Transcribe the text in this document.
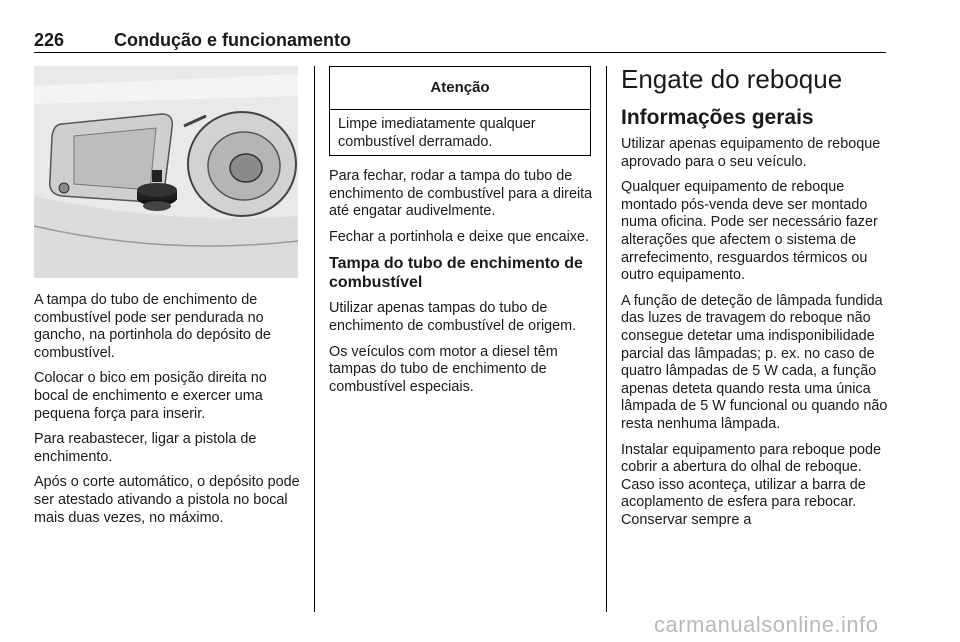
226	Condução e funcionamento

A tampa do tubo de enchimento de combustível pode ser pendurada no gancho, na portinhola do depósito de combustível.

Colocar o bico em posição direita no bocal de enchimento e exercer uma pequena força para inserir.

Para reabastecer, ligar a pistola de enchimento.

Após o corte automático, o depósito pode ser atestado ativando a pistola no bocal mais duas vezes, no máximo.

Atenção
Limpe imediatamente qualquer combustível derramado.

Para fechar, rodar a tampa do tubo de enchimento de combustível para a direita até engatar audivelmente.

Fechar a portinhola e deixe que encaixe.

Tampa do tubo de enchimento de combustível

Utilizar apenas tampas do tubo de enchimento de combustível de origem.

Os veículos com motor a diesel têm tampas do tubo de enchimento de combustível especiais.

Engate do reboque
Informações gerais

Utilizar apenas equipamento de reboque aprovado para o seu veículo.

Qualquer equipamento de reboque montado pós-venda deve ser montado numa oficina. Pode ser necessário fazer alterações que afectem o sistema de arrefecimento, resguardos térmicos ou outro equipamento.

A função de deteção de lâmpada fundida das luzes de travagem do reboque não consegue detetar uma indisponibilidade parcial das lâmpadas; p. ex. no caso de quatro lâmpadas de 5 W cada, a função apenas deteta quando resta uma única lâmpada de 5 W funcional ou quando não resta nenhuma lâmpada.

Instalar equipamento para reboque pode cobrir a abertura do olhal de reboque. Caso isso aconteça, utilizar a barra de acoplamento de esfera para rebocar. Conservar sempre a

carmanualsonline.info
